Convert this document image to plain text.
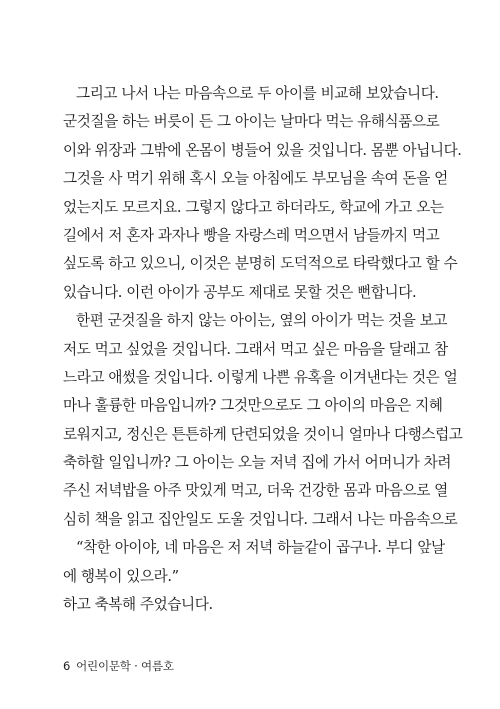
그리고 나서 나는 마음속으로 두 아이를 비교해 보았습니다.
군것질을 하는 버릇이 든 그 아이는 날마다 먹는 유해식품으로
이와 위장과 그밖에 온몸이 병들어 있을 것입니다. 몸뿐 아닙니다.
그것을 사 먹기 위해 혹시 오늘 아침에도 부모님을 속여 돈을 얻
었는지도 모르지요. 그렇지 않다고 하더라도, 학교에 가고 오는
길에서 저 혼자 과자나 빵을 자랑스레 먹으면서 남들까지 먹고
싶도록 하고 있으니, 이것은 분명히 도덕적으로 타락했다고 할 수
있습니다. 이런 아이가 공부도 제대로 못할 것은 뻔합니다.
한편 군것질을 하지 않는 아이는, 옆의 아이가 먹는 것을 보고
저도 먹고 싶었을 것입니다. 그래서 먹고 싶은 마음을 달래고 참
느라고 애썼을 것입니다. 이렇게 나쁜 유혹을 이겨낸다는 것은 얼
마나 훌륭한 마음입니까? 그것만으로도 그 아이의 마음은 지혜
로워지고, 정신은 튼튼하게 단련되었을 것이니 얼마나 다행스럽고
축하할 일입니까? 그 아이는 오늘 저녁 집에 가서 어머니가 차려
주신 저녁밥을 아주 맛있게 먹고, 더욱 건강한 몸과 마음으로 열
심히 책을 읽고 집안일도 도울 것입니다. 그래서 나는 마음속으로
“착한 아이야, 네 마음은 저 저녁 하늘같이 곱구나. 부디 앞날
에 행복이 있으라.”
하고 축복해 주었습니다.
6 어린이문학 · 여름호
